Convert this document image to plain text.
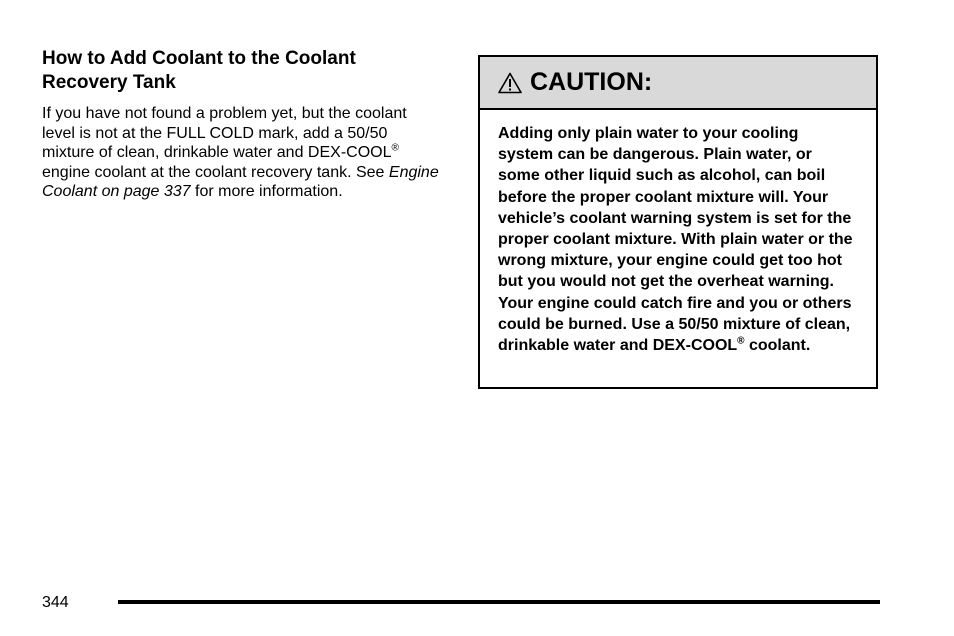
How to Add Coolant to the Coolant Recovery Tank

If you have not found a problem yet, but the coolant level is not at the FULL COLD mark, add a 50/50 mixture of clean, drinkable water and DEX-COOL® engine coolant at the coolant recovery tank. See Engine Coolant on page 337 for more information.

CAUTION:

Adding only plain water to your cooling system can be dangerous. Plain water, or some other liquid such as alcohol, can boil before the proper coolant mixture will. Your vehicle’s coolant warning system is set for the proper coolant mixture. With plain water or the wrong mixture, your engine could get too hot but you would not get the overheat warning. Your engine could catch fire and you or others could be burned. Use a 50/50 mixture of clean, drinkable water and DEX-COOL® coolant.

344
